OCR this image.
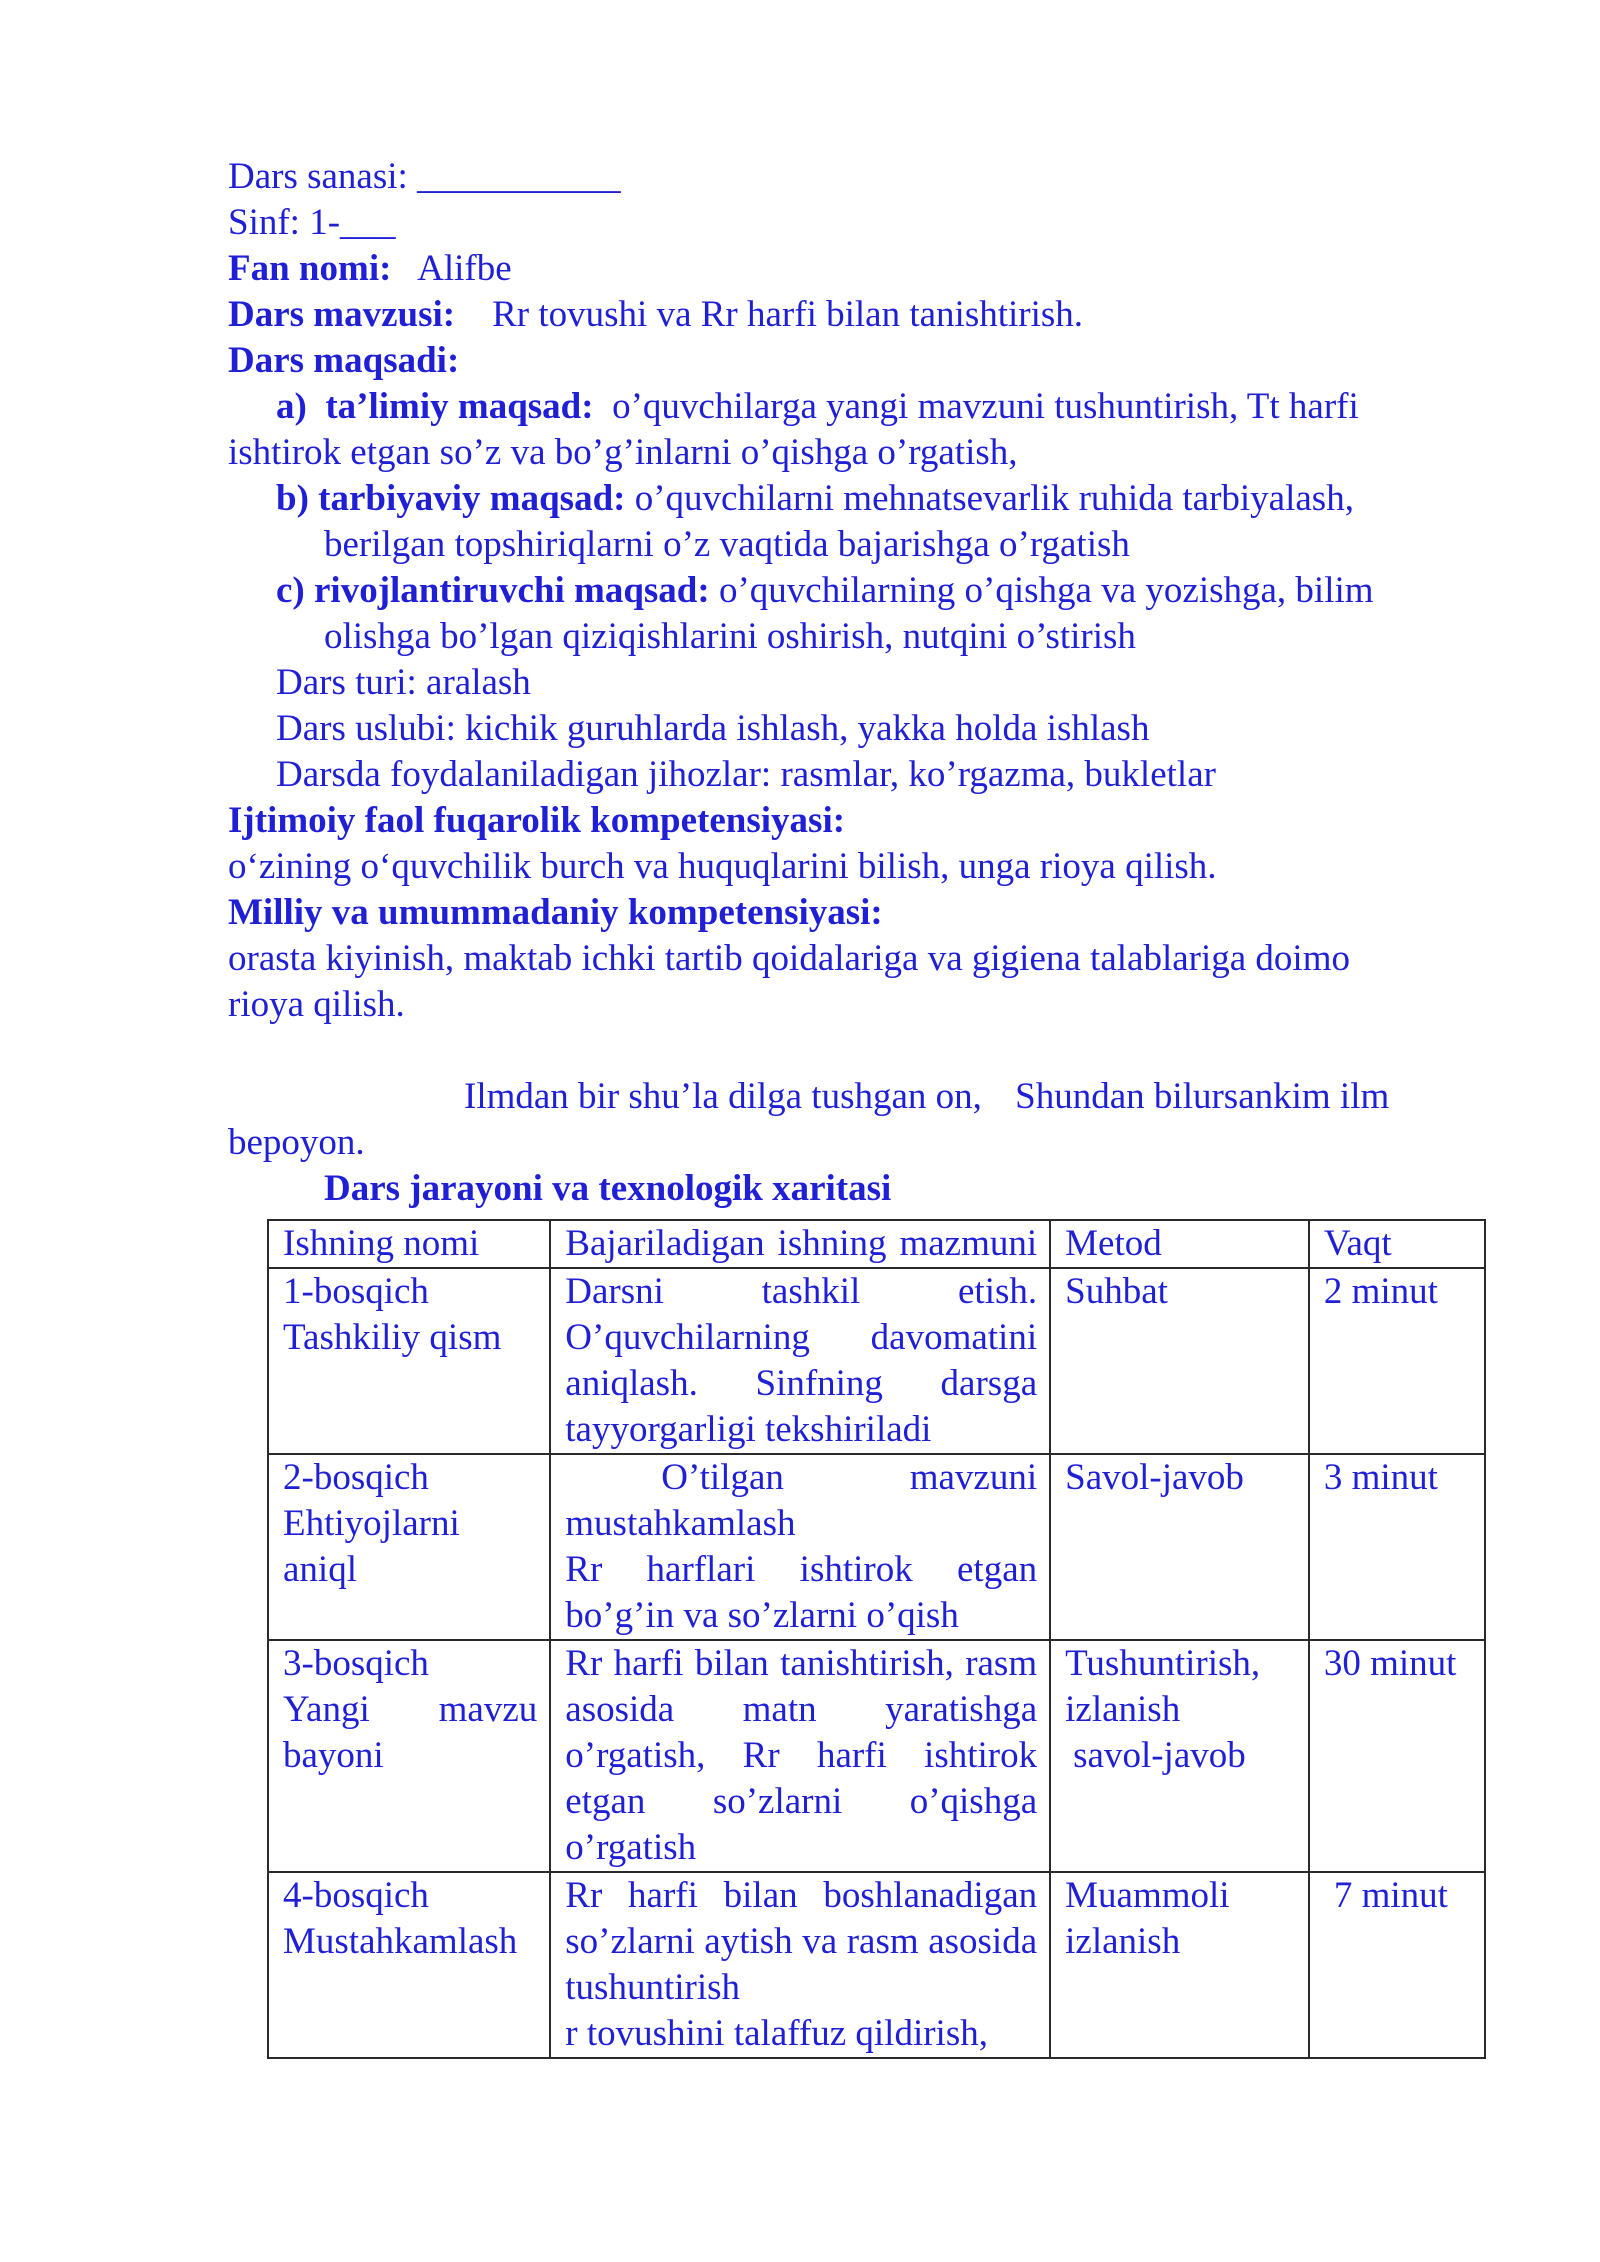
Dars sanasi: ___________
Sinf: 1-___
Fan nomi: Alifbe
Dars mavzusi: Rr tovushi va Rr harfi bilan tanishtirish.
Dars maqsadi:
a) ta’limiy maqsad: o’quvchilarga yangi mavzuni tushuntirish, Tt harfi
ishtirok etgan so’z va bo’g’inlarni o’qishga o’rgatish,
b) tarbiyaviy maqsad: o’quvchilarni mehnatsevarlik ruhida tarbiyalash,
berilgan topshiriqlarni o’z vaqtida bajarishga o’rgatish
c) rivojlantiruvchi maqsad: o’quvchilarning o’qishga va yozishga, bilim
olishga bo’lgan qiziqishlarini oshirish, nutqini o’stirish
Dars turi: aralash
Dars uslubi: kichik guruhlarda ishlash, yakka holda ishlash
Darsda foydalaniladigan jihozlar: rasmlar, ko’rgazma, bukletlar
Ijtimoiy faol fuqarolik kompetensiyasi:
o‘zining o‘quvchilik burch va huquqlarini bilish, unga rioya qilish.
Milliy va umummadaniy kompetensiyasi:
orasta kiyinish, maktab ichki tartib qoidalariga va gigiena talablariga doimo
rioya qilish.
Ilmdan bir shu’la dilga tushgan on, Shundan bilursankim ilm
bepoyon.
Dars jarayoni va texnologik xaritasi
Ishning nomi	Bajariladigan ishning mazmuni	Metod	Vaqt

1-bosqich
Tashkiliy qism	Darsni tashkil etish. O’quvchilarning davomatini aniqlash. Sinfning darsga tayyorgarligi tekshiriladi	Suhbat	2 minut

2-bosqich
Ehtiyojlarni aniql	O’tilgan mavzuni mustahkamlash
Rr harflari ishtirok etgan bo’g’in va so’zlarni o’qish	Savol-javob	3 minut

3-bosqich
Yangi mavzu bayoni	Rr harfi bilan tanishtirish, rasm asosida matn yaratishga o’rgatish, Rr harfi ishtirok etgan so’zlarni o’qishga o’rgatish	Tushuntirish,
izlanish
savol-javob	30 minut

4-bosqich
Mustahkamlash	Rr harfi bilan boshlanadigan so’zlarni aytish va rasm asosida tushuntirish
r tovushini talaffuz qildirish,	Muammoli izlanish	7 minut
